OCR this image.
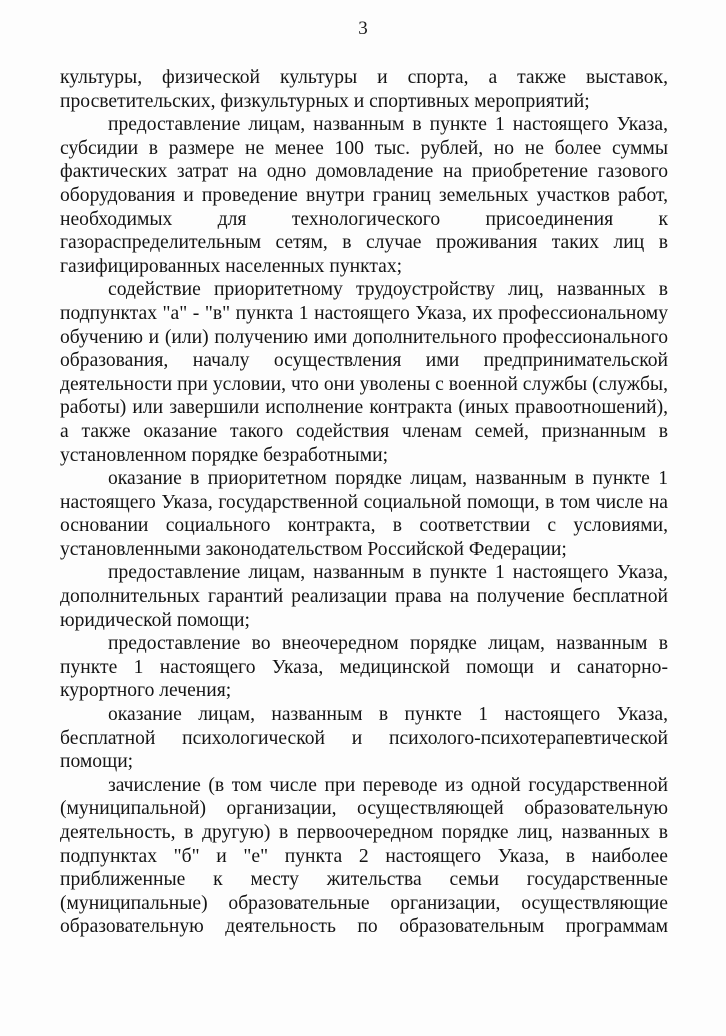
3

культуры, физической культуры и спорта, а также выставок, просветительских, физкультурных и спортивных мероприятий;

предоставление лицам, названным в пункте 1 настоящего Указа, субсидии в размере не менее 100 тыс. рублей, но не более суммы фактических затрат на одно домовладение на приобретение газового оборудования и проведение внутри границ земельных участков работ, необходимых для технологического присоединения к газораспределительным сетям, в случае проживания таких лиц в газифицированных населенных пунктах;

содействие приоритетному трудоустройству лиц, названных в подпунктах "а" - "в" пункта 1 настоящего Указа, их профессиональному обучению и (или) получению ими дополнительного профессионального образования, началу осуществления ими предпринимательской деятельности при условии, что они уволены с военной службы (службы, работы) или завершили исполнение контракта (иных правоотношений), а также оказание такого содействия членам семей, признанным в установленном порядке безработными;

оказание в приоритетном порядке лицам, названным в пункте 1 настоящего Указа, государственной социальной помощи, в том числе на основании социального контракта, в соответствии с условиями, установленными законодательством Российской Федерации;

предоставление лицам, названным в пункте 1 настоящего Указа, дополнительных гарантий реализации права на получение бесплатной юридической помощи;

предоставление во внеочередном порядке лицам, названным в пункте 1 настоящего Указа, медицинской помощи и санаторно-курортного лечения;

оказание лицам, названным в пункте 1 настоящего Указа, бесплатной психологической и психолого-психотерапевтической помощи;

зачисление (в том числе при переводе из одной государственной (муниципальной) организации, осуществляющей образовательную деятельность, в другую) в первоочередном порядке лиц, названных в подпунктах "б" и "е" пункта 2 настоящего Указа, в наиболее приближенные к месту жительства семьи государственные (муниципальные) образовательные организации, осуществляющие образовательную деятельность по образовательным программам
